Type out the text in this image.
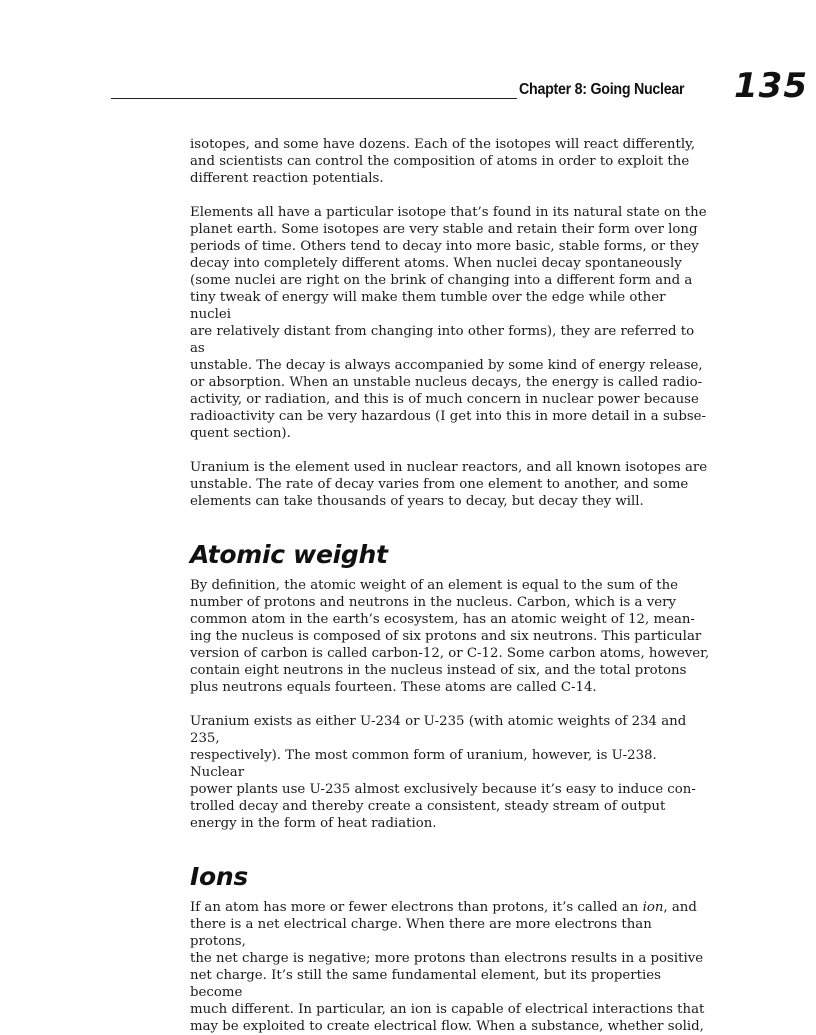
Chapter 8: Going Nuclear 135

isotopes, and some have dozens. Each of the isotopes will react differently,
and scientists can control the composition of atoms in order to exploit the
different reaction potentials.

Elements all have a particular isotope that’s found in its natural state on the
planet earth. Some isotopes are very stable and retain their form over long
periods of time. Others tend to decay into more basic, stable forms, or they
decay into completely different atoms. When nuclei decay spontaneously
(some nuclei are right on the brink of changing into a different form and a
tiny tweak of energy will make them tumble over the edge while other nuclei
are relatively distant from changing into other forms), they are referred to as
unstable. The decay is always accompanied by some kind of energy release,
or absorption. When an unstable nucleus decays, the energy is called radio-
activity, or radiation, and this is of much concern in nuclear power because
radioactivity can be very hazardous (I get into this in more detail in a subse-
quent section).

Uranium is the element used in nuclear reactors, and all known isotopes are
unstable. The rate of decay varies from one element to another, and some
elements can take thousands of years to decay, but decay they will.

Atomic weight

By definition, the atomic weight of an element is equal to the sum of the
number of protons and neutrons in the nucleus. Carbon, which is a very
common atom in the earth’s ecosystem, has an atomic weight of 12, mean-
ing the nucleus is composed of six protons and six neutrons. This particular
version of carbon is called carbon-12, or C-12. Some carbon atoms, however,
contain eight neutrons in the nucleus instead of six, and the total protons
plus neutrons equals fourteen. These atoms are called C-14.

Uranium exists as either U-234 or U-235 (with atomic weights of 234 and 235,
respectively). The most common form of uranium, however, is U-238. Nuclear
power plants use U-235 almost exclusively because it’s easy to induce con-
trolled decay and thereby create a consistent, steady stream of output
energy in the form of heat radiation.

Ions

If an atom has more or fewer electrons than protons, it’s called an ion, and
there is a net electrical charge. When there are more electrons than protons,
the net charge is negative; more protons than electrons results in a positive
net charge. It’s still the same fundamental element, but its properties become
much different. In particular, an ion is capable of electrical interactions that
may be exploited to create electrical flow. When a substance, whether solid,
